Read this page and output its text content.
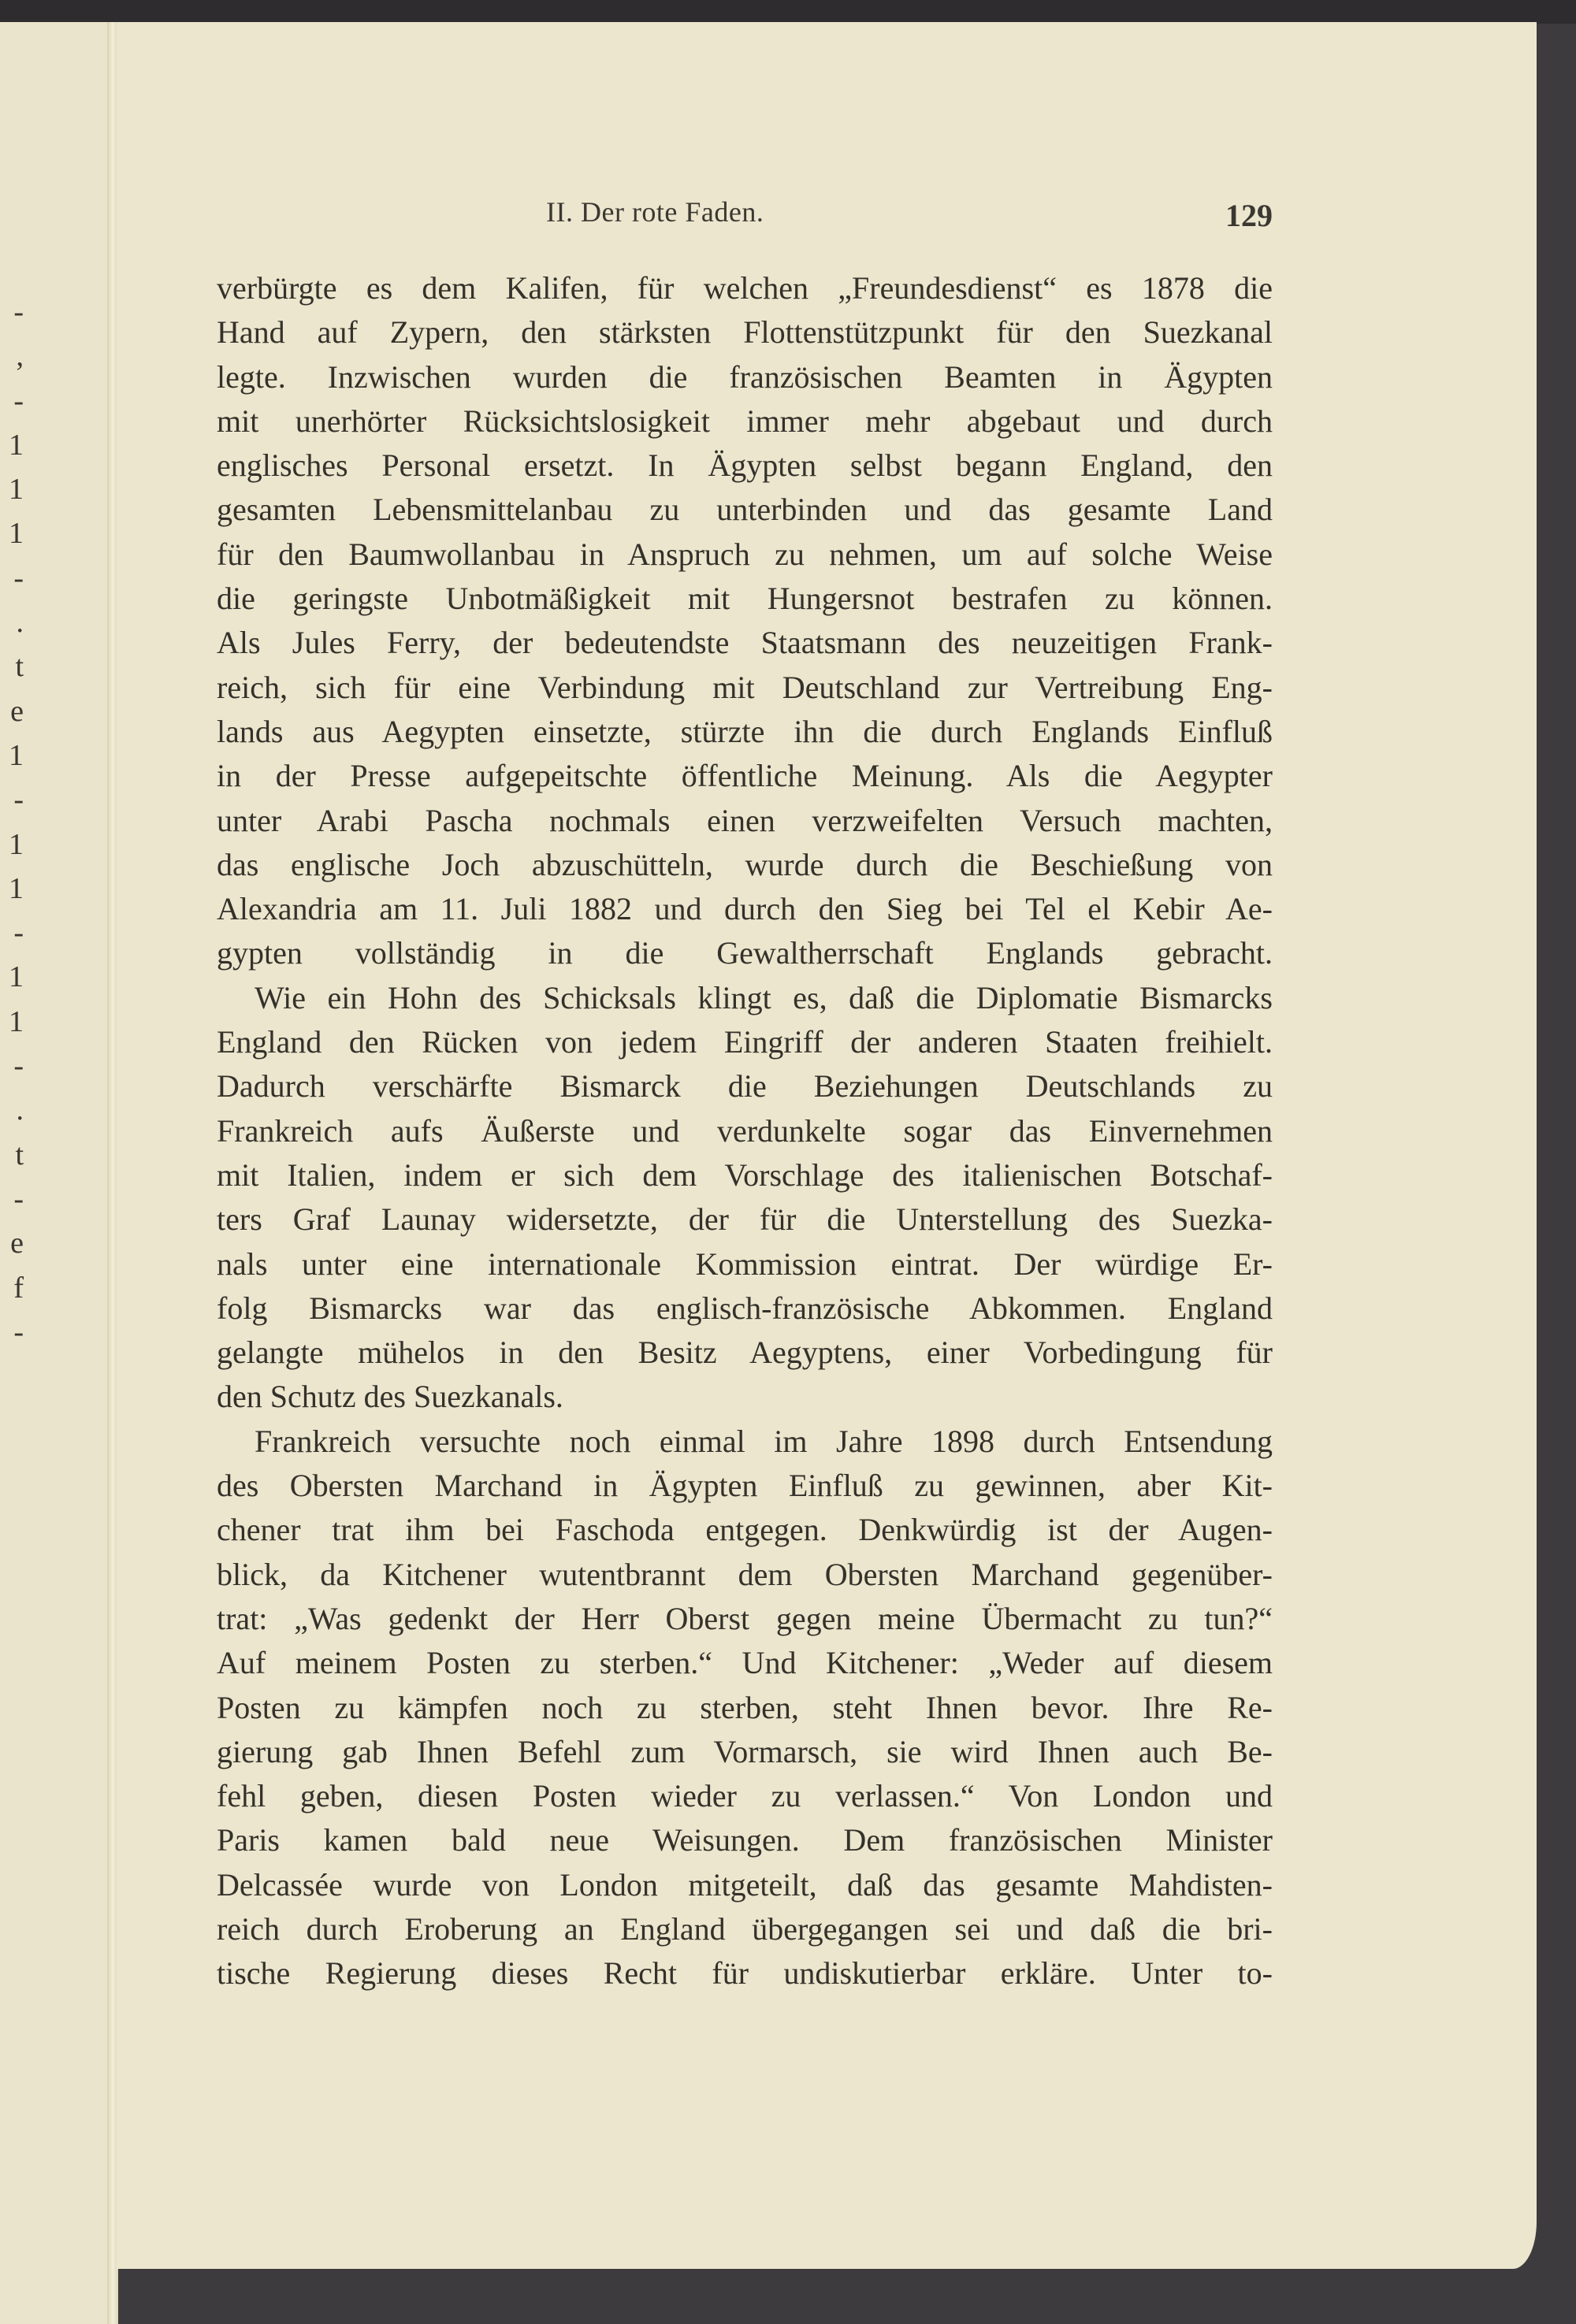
-
,
-
1
1
1
-
.
t
e
1
-
1
1
-
1
1
-
.
t
-
e
f
-
II. Der rote Faden.	129
verbürgte es dem Kalifen, für welchen „Freundesdienst“ es 1878 die
Hand auf Zypern, den stärksten Flottenstützpunkt für den Suezkanal
legte. Inzwischen wurden die französischen Beamten in Ägypten
mit unerhörter Rücksichtslosigkeit immer mehr abgebaut und durch
englisches Personal ersetzt. In Ägypten selbst begann England, den
gesamten Lebensmittelanbau zu unterbinden und das gesamte Land
für den Baumwollanbau in Anspruch zu nehmen, um auf solche Weise
die geringste Unbotmäßigkeit mit Hungersnot bestrafen zu können.
Als Jules Ferry, der bedeutendste Staatsmann des neuzeitigen Frank-
reich, sich für eine Verbindung mit Deutschland zur Vertreibung Eng-
lands aus Aegypten einsetzte, stürzte ihn die durch Englands Einfluß
in der Presse aufgepeitschte öffentliche Meinung. Als die Aegypter
unter Arabi Pascha nochmals einen verzweifelten Versuch machten,
das englische Joch abzuschütteln, wurde durch die Beschießung von
Alexandria am 11. Juli 1882 und durch den Sieg bei Tel el Kebir Ae-
gypten vollständig in die Gewaltherrschaft Englands gebracht.
Wie ein Hohn des Schicksals klingt es, daß die Diplomatie Bismarcks
England den Rücken von jedem Eingriff der anderen Staaten freihielt.
Dadurch verschärfte Bismarck die Beziehungen Deutschlands zu
Frankreich aufs Äußerste und verdunkelte sogar das Einvernehmen
mit Italien, indem er sich dem Vorschlage des italienischen Botschaf-
ters Graf Launay widersetzte, der für die Unterstellung des Suezka-
nals unter eine internationale Kommission eintrat. Der würdige Er-
folg Bismarcks war das englisch-französische Abkommen. England
gelangte mühelos in den Besitz Aegyptens, einer Vorbedingung für
den Schutz des Suezkanals.
Frankreich versuchte noch einmal im Jahre 1898 durch Entsendung
des Obersten Marchand in Ägypten Einfluß zu gewinnen, aber Kit-
chener trat ihm bei Faschoda entgegen. Denkwürdig ist der Augen-
blick, da Kitchener wutentbrannt dem Obersten Marchand gegenüber-
trat: „Was gedenkt der Herr Oberst gegen meine Übermacht zu tun?“
Auf meinem Posten zu sterben.“ Und Kitchener: „Weder auf diesem
Posten zu kämpfen noch zu sterben, steht Ihnen bevor. Ihre Re-
gierung gab Ihnen Befehl zum Vormarsch, sie wird Ihnen auch Be-
fehl geben, diesen Posten wieder zu verlassen.“ Von London und
Paris kamen bald neue Weisungen. Dem französischen Minister
Delcassée wurde von London mitgeteilt, daß das gesamte Mahdisten-
reich durch Eroberung an England übergegangen sei und daß die bri-
tische Regierung dieses Recht für undiskutierbar erkläre. Unter to-
